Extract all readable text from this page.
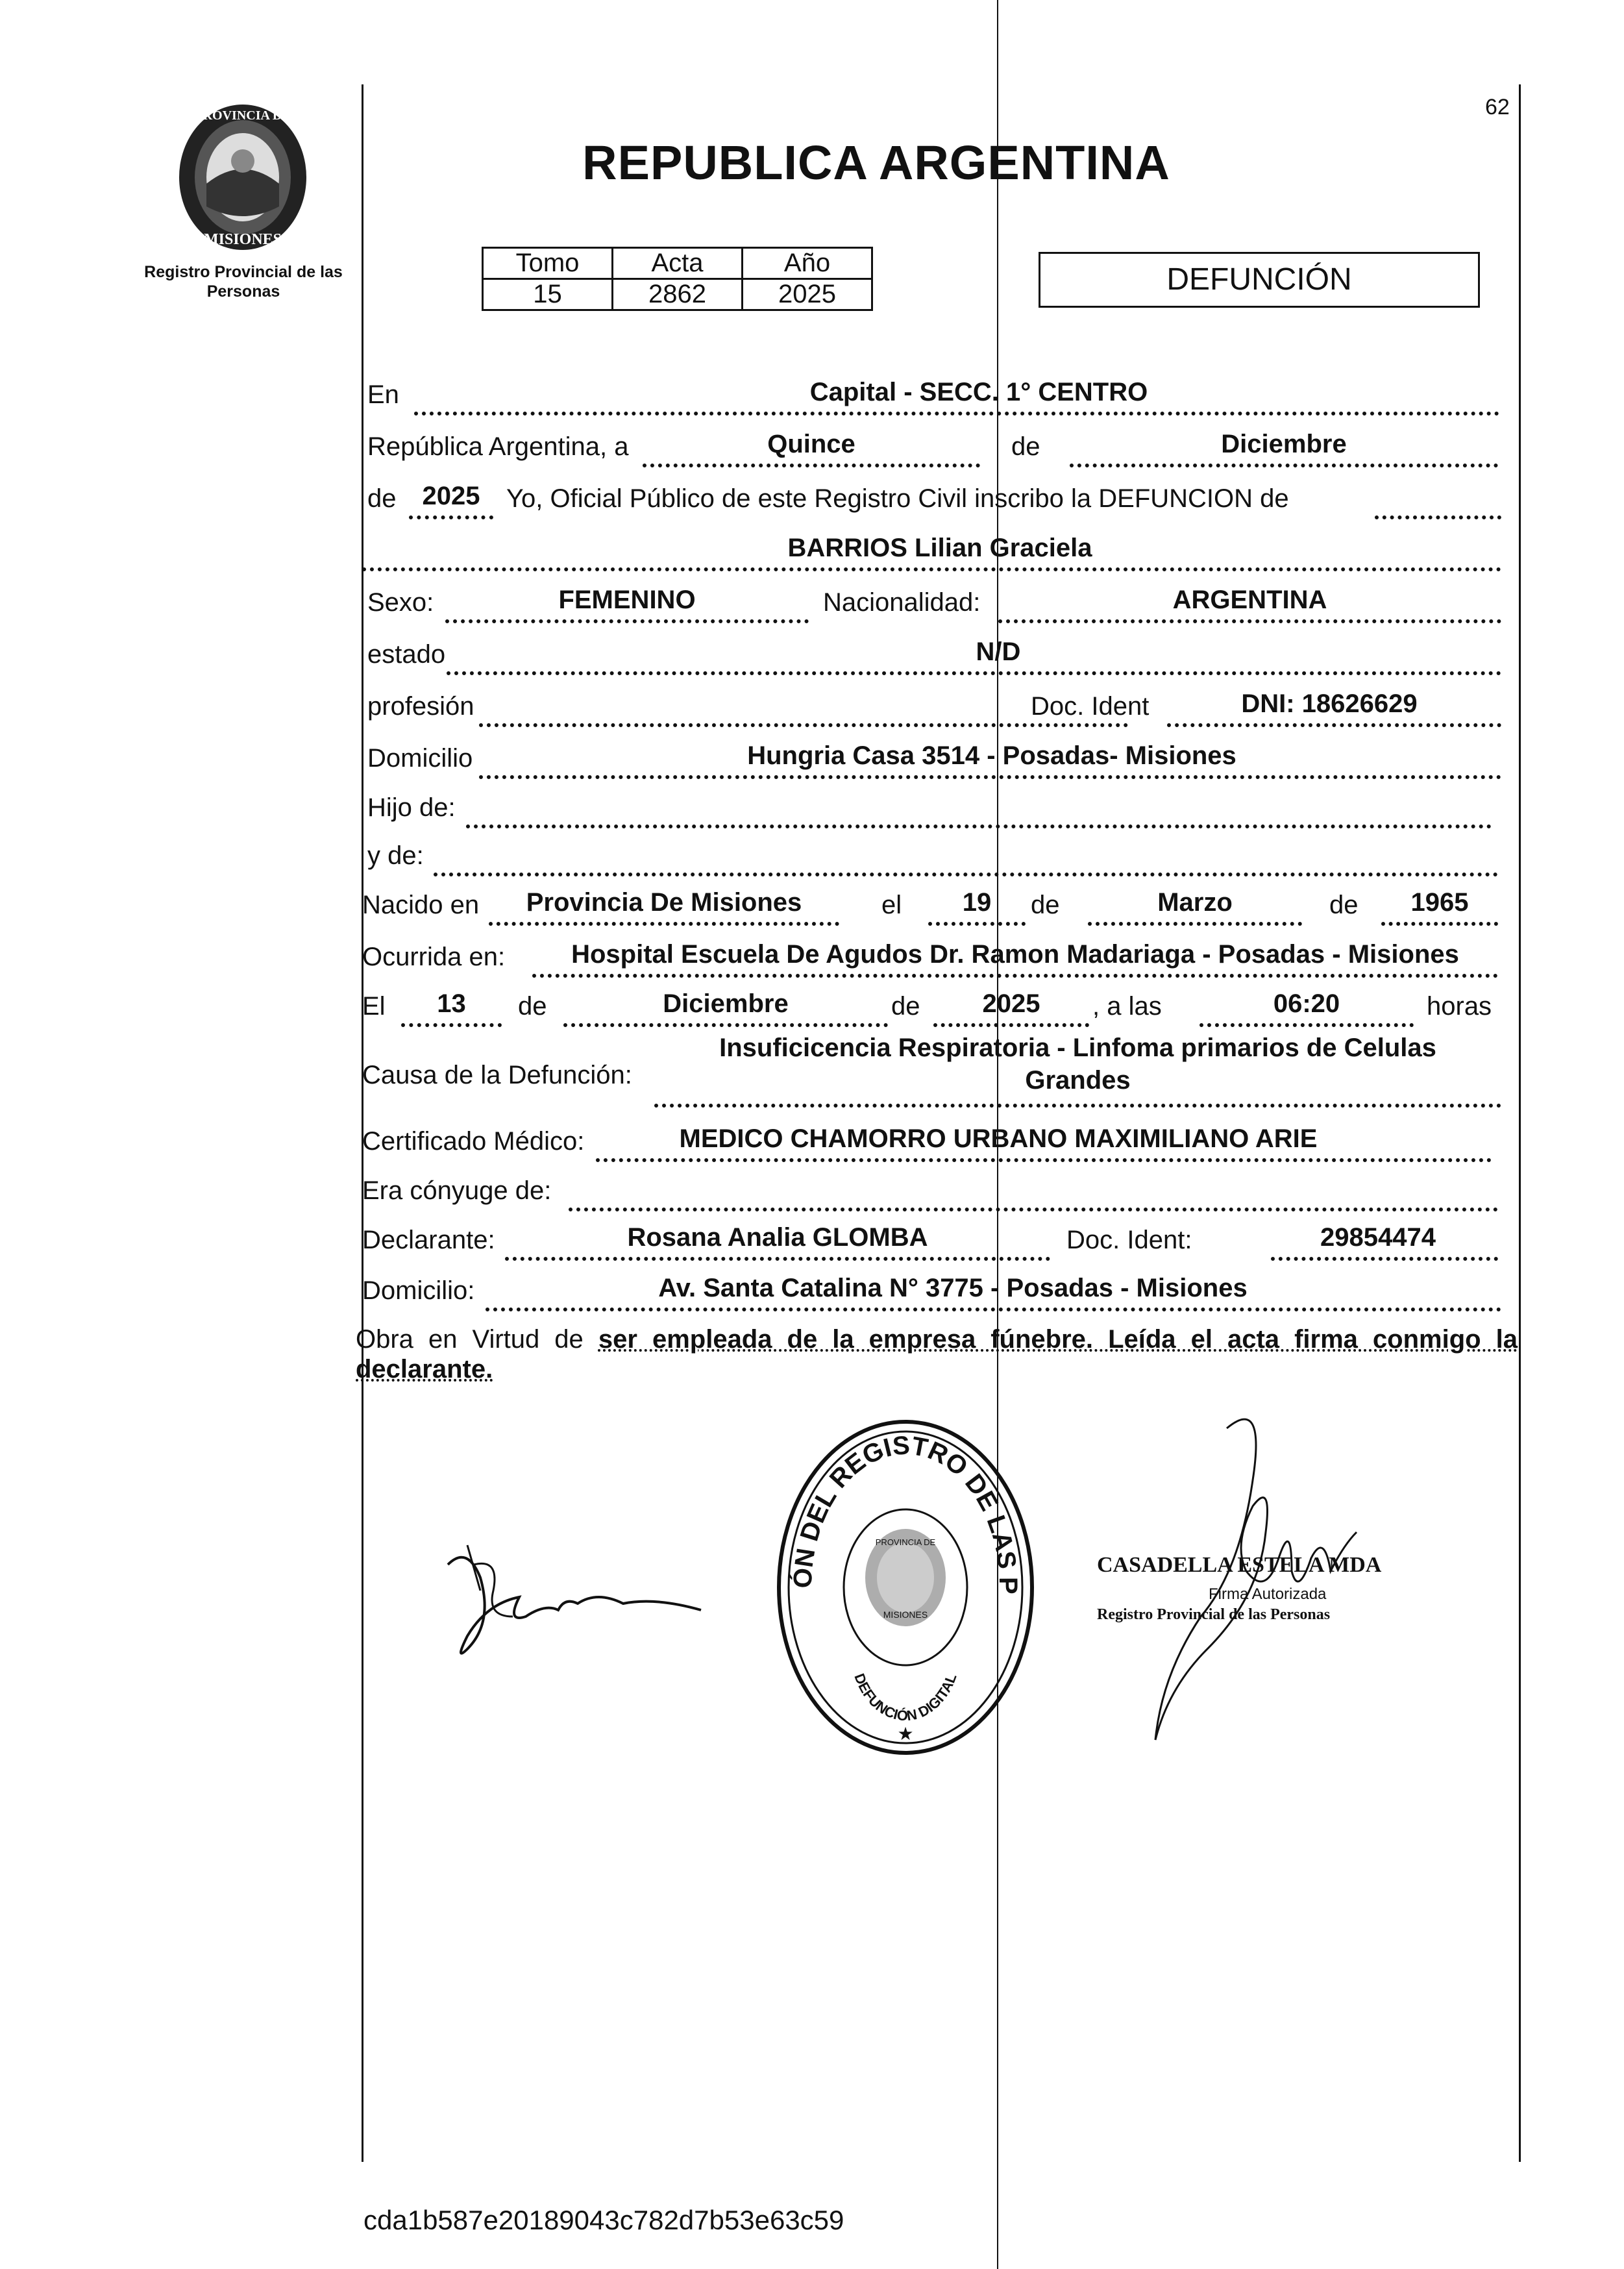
PROVINCIA DE
MISIONES
Registro Provincial de las Personas
62
REPUBLICA ARGENTINA
Tomo	Acta	Año
15	2862	2025	DEFUNCIÓN
En	Capital - SECC. 1° CENTRO
República Argentina, a	Quince	de	Diciembre
de	2025	Yo, Oficial Público de este Registro Civil inscribo la DEFUNCION de
BARRIOS Lilian Graciela
Sexo:	FEMENINO	Nacionalidad:	ARGENTINA
estado	N/D
profesión	Doc. Ident	DNI: 18626629
Domicilio	Hungria Casa 3514 - Posadas- Misiones
Hijo de:
y de:
Nacido en	Provincia De Misiones	el	19	de	Marzo	de	1965
Ocurrida en:	Hospital Escuela De Agudos Dr. Ramon Madariaga - Posadas - Misiones
El	13	de	Diciembre	de	2025	, a las	06:20	horas
Causa de la Defunción:
Insuficicencia Respiratoria - Linfoma primarios de Celulas
Grandes
Certificado Médico:	MEDICO CHAMORRO URBANO MAXIMILIANO ARIE
Era cónyuge de:
Declarante:	Rosana Analia GLOMBA	Doc. Ident:	29854474
Domicilio:	Av. Santa Catalina N° 3775 - Posadas - Misiones
Obra en Virtud de ser empleada de la empresa fúnebre. Leída el acta firma conmigo la declarante.
ÓN DEL REGISTRO DE LAS P
DEFUNCIÓN DIGITAL
PROVINCIA DE
MISIONES
★
CASADELLA ESTELA MDA
Firma Autorizada
Registro Provincial de las Personas
cda1b587e20189043c782d7b53e63c59
